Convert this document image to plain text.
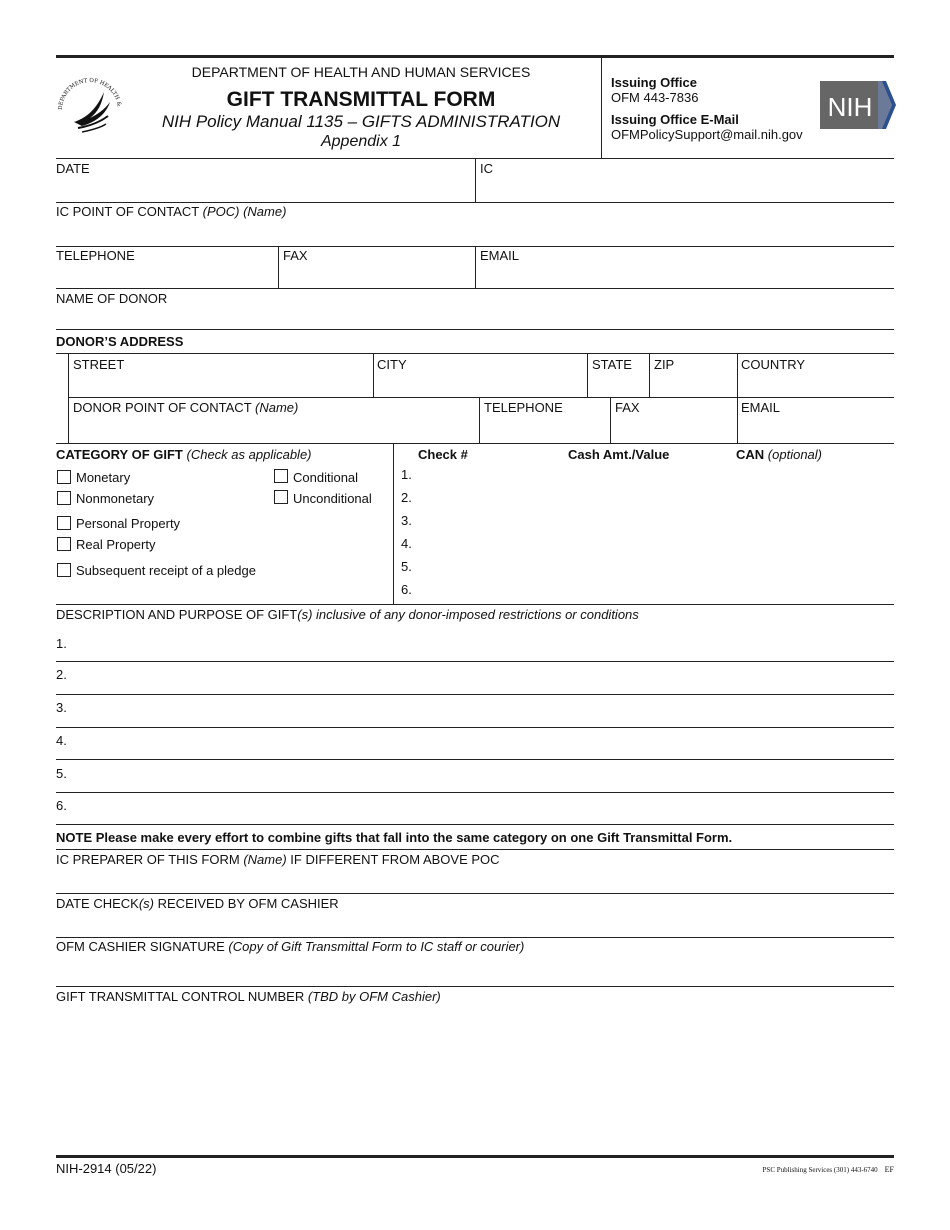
DEPARTMENT OF HEALTH &
DEPARTMENT OF HEALTH AND HUMAN SERVICES
GIFT TRANSMITTAL FORM
NIH Policy Manual 1135 – GIFTS ADMINISTRATION
Appendix 1
Issuing Office
OFM 443-7836
Issuing Office E-Mail
OFMPolicySupport@mail.nih.gov
NIH
DATE	IC
IC POINT OF CONTACT (POC) (Name)
TELEPHONE	FAX	EMAIL
NAME OF DONOR
DONOR’S ADDRESS
STREET	CITY	STATE ZIP	COUNTRY
DONOR POINT OF CONTACT (Name)	TELEPHONE	FAX	EMAIL
CATEGORY OF GIFT (Check as applicable)
Monetary	Conditional
Nonmonetary	Unconditional
Personal Property
Real Property
Subsequent receipt of a pledge
Check #	Cash Amt./Value	CAN (optional)
1.
2.
3.
4.
5.
6.
DESCRIPTION AND PURPOSE OF GIFT(s) inclusive of any donor-imposed restrictions or conditions
1.
2.
3.
4.
5.
6.
NOTE Please make every effort to combine gifts that fall into the same category on one Gift Transmittal Form.
IC PREPARER OF THIS FORM (Name) IF DIFFERENT FROM ABOVE POC
DATE CHECK(s) RECEIVED BY OFM CASHIER
OFM CASHIER SIGNATURE (Copy of Gift Transmittal Form to IC staff or courier)
GIFT TRANSMITTAL CONTROL NUMBER (TBD by OFM Cashier)
NIH-2914 (05/22)	PSC Publishing Services (301) 443-6740 EF
